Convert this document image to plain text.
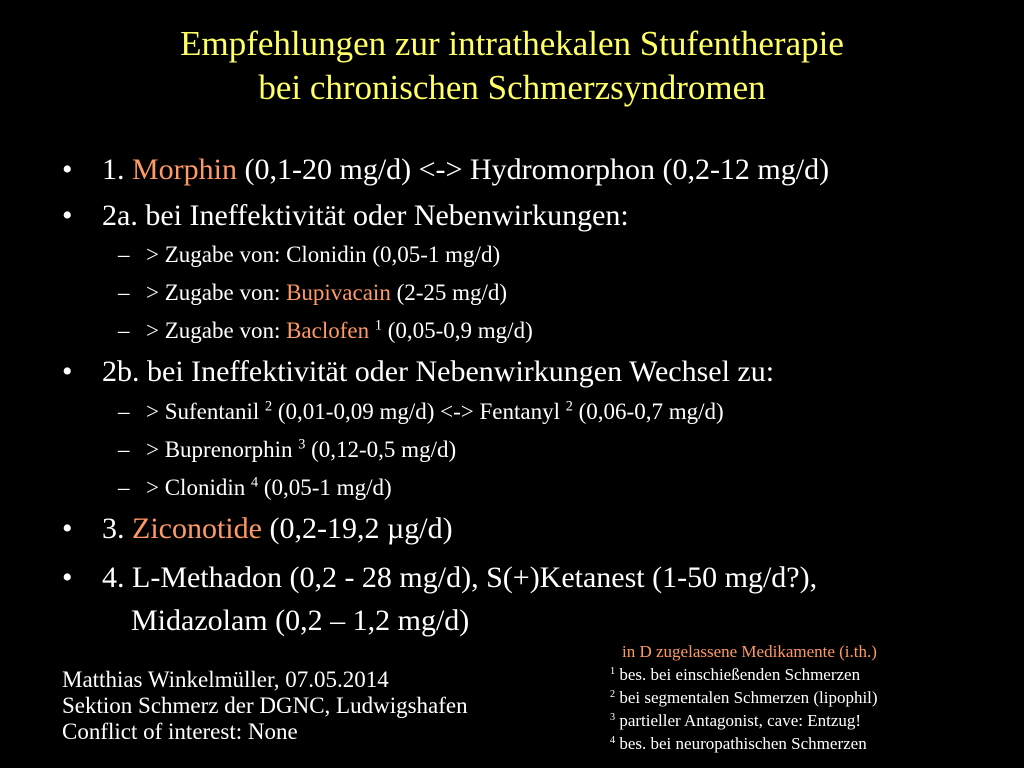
Empfehlungen zur intrathekalen Stufentherapie
bei chronischen Schmerzsyndromen
• 1. Morphin (0,1-20 mg/d) <-> Hydromorphon (0,2-12 mg/d)
• 2a. bei Ineffektivität oder Nebenwirkungen:
– > Zugabe von: Clonidin (0,05-1 mg/d)
– > Zugabe von: Bupivacain (2-25 mg/d)
– > Zugabe von: Baclofen $^1$ (0,05-0,9 mg/d)
• 2b. bei Ineffektivität oder Nebenwirkungen Wechsel zu:
– > Sufentanil $^2$ (0,01-0,09 mg/d) <-> Fentanyl $^2$ (0,06-0,7 mg/d)
– > Buprenorphin $^3$ (0,12-0,5 mg/d)
– > Clonidin $^4$ (0,05-1 mg/d)
• 3. Ziconotide (0,2-19,2 µg/d)
• 4. L-Methadon (0,2 - 28 mg/d), S(+)Ketanest (1-50 mg/d?),
Midazolam (0,2 – 1,2 mg/d)
Matthias Winkelmüller, 07.05.2014
Sektion Schmerz der DGNC, Ludwigshafen
Conflict of interest: None
in D zugelassene Medikamente (i.th.)
$^1$ bes. bei einschießenden Schmerzen
$^2$ bei segmentalen Schmerzen (lipophil)
$^3$ partieller Antagonist, cave: Entzug!
$^4$ bes. bei neuropathischen Schmerzen
